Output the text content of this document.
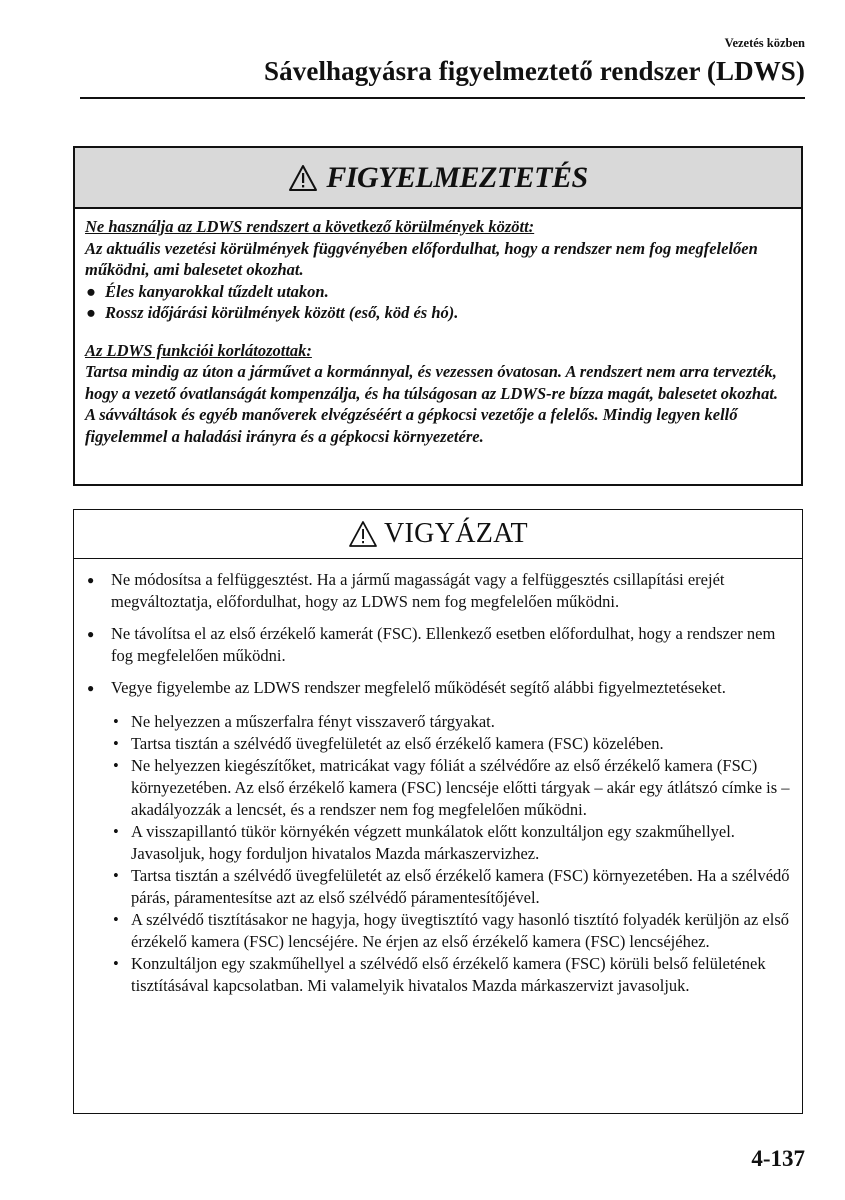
Vezetés közben
Sávelhagyásra figyelmeztető rendszer (LDWS)
FIGYELMEZTETÉS

Ne használja az LDWS rendszert a következő körülmények között:

Az aktuális vezetési körülmények függvényében előfordulhat, hogy a rendszer nem fog megfelelően működni, ami balesetet okozhat.

● Éles kanyarokkal tűzdelt utakon.
● Rossz időjárási körülmények között (eső, köd és hó).

Az LDWS funkciói korlátozottak:

Tartsa mindig az úton a járművet a kormánnyal, és vezessen óvatosan. A rendszert nem arra tervezték, hogy a vezető óvatlanságát kompenzálja, és ha túlságosan az LDWS-re bízza magát, balesetet okozhat. A sávváltások és egyéb manőverek elvégzéséért a gépkocsi vezetője a felelős. Mindig legyen kellő figyelemmel a haladási irányra és a gépkocsi környezetére.

VIGYÁZAT
● Ne módosítsa a felfüggesztést. Ha a jármű magasságát vagy a felfüggesztés csillapítási erejét megváltoztatja, előfordulhat, hogy az LDWS nem fog megfelelően működni.
● Ne távolítsa el az első érzékelő kamerát (FSC). Ellenkező esetben előfordulhat, hogy a rendszer nem fog megfelelően működni.
● Vegye figyelembe az LDWS rendszer megfelelő működését segítő alábbi figyelmeztetéseket.
• Ne helyezzen a műszerfalra fényt visszaverő tárgyakat.
• Tartsa tisztán a szélvédő üvegfelületét az első érzékelő kamera (FSC) közelében.
• Ne helyezzen kiegészítőket, matricákat vagy fóliát a szélvédőre az első érzékelő kamera (FSC) környezetében. Az első érzékelő kamera (FSC) lencséje előtti tárgyak – akár egy átlátszó címke is – akadályozzák a lencsét, és a rendszer nem fog megfelelően működni.
• A visszapillantó tükör környékén végzett munkálatok előtt konzultáljon egy szakműhellyel. Javasoljuk, hogy forduljon hivatalos Mazda márkaszervizhez.
• Tartsa tisztán a szélvédő üvegfelületét az első érzékelő kamera (FSC) környezetében. Ha a szélvédő párás, páramentesítse azt az első szélvédő páramentesítőjével.
• A szélvédő tisztításakor ne hagyja, hogy üvegtisztító vagy hasonló tisztító folyadék kerüljön az első érzékelő kamera (FSC) lencséjére. Ne érjen az első érzékelő kamera (FSC) lencséjéhez.
• Konzultáljon egy szakműhellyel a szélvédő első érzékelő kamera (FSC) körüli belső felületének tisztításával kapcsolatban. Mi valamelyik hivatalos Mazda márkaszervizt javasoljuk.
4-137
